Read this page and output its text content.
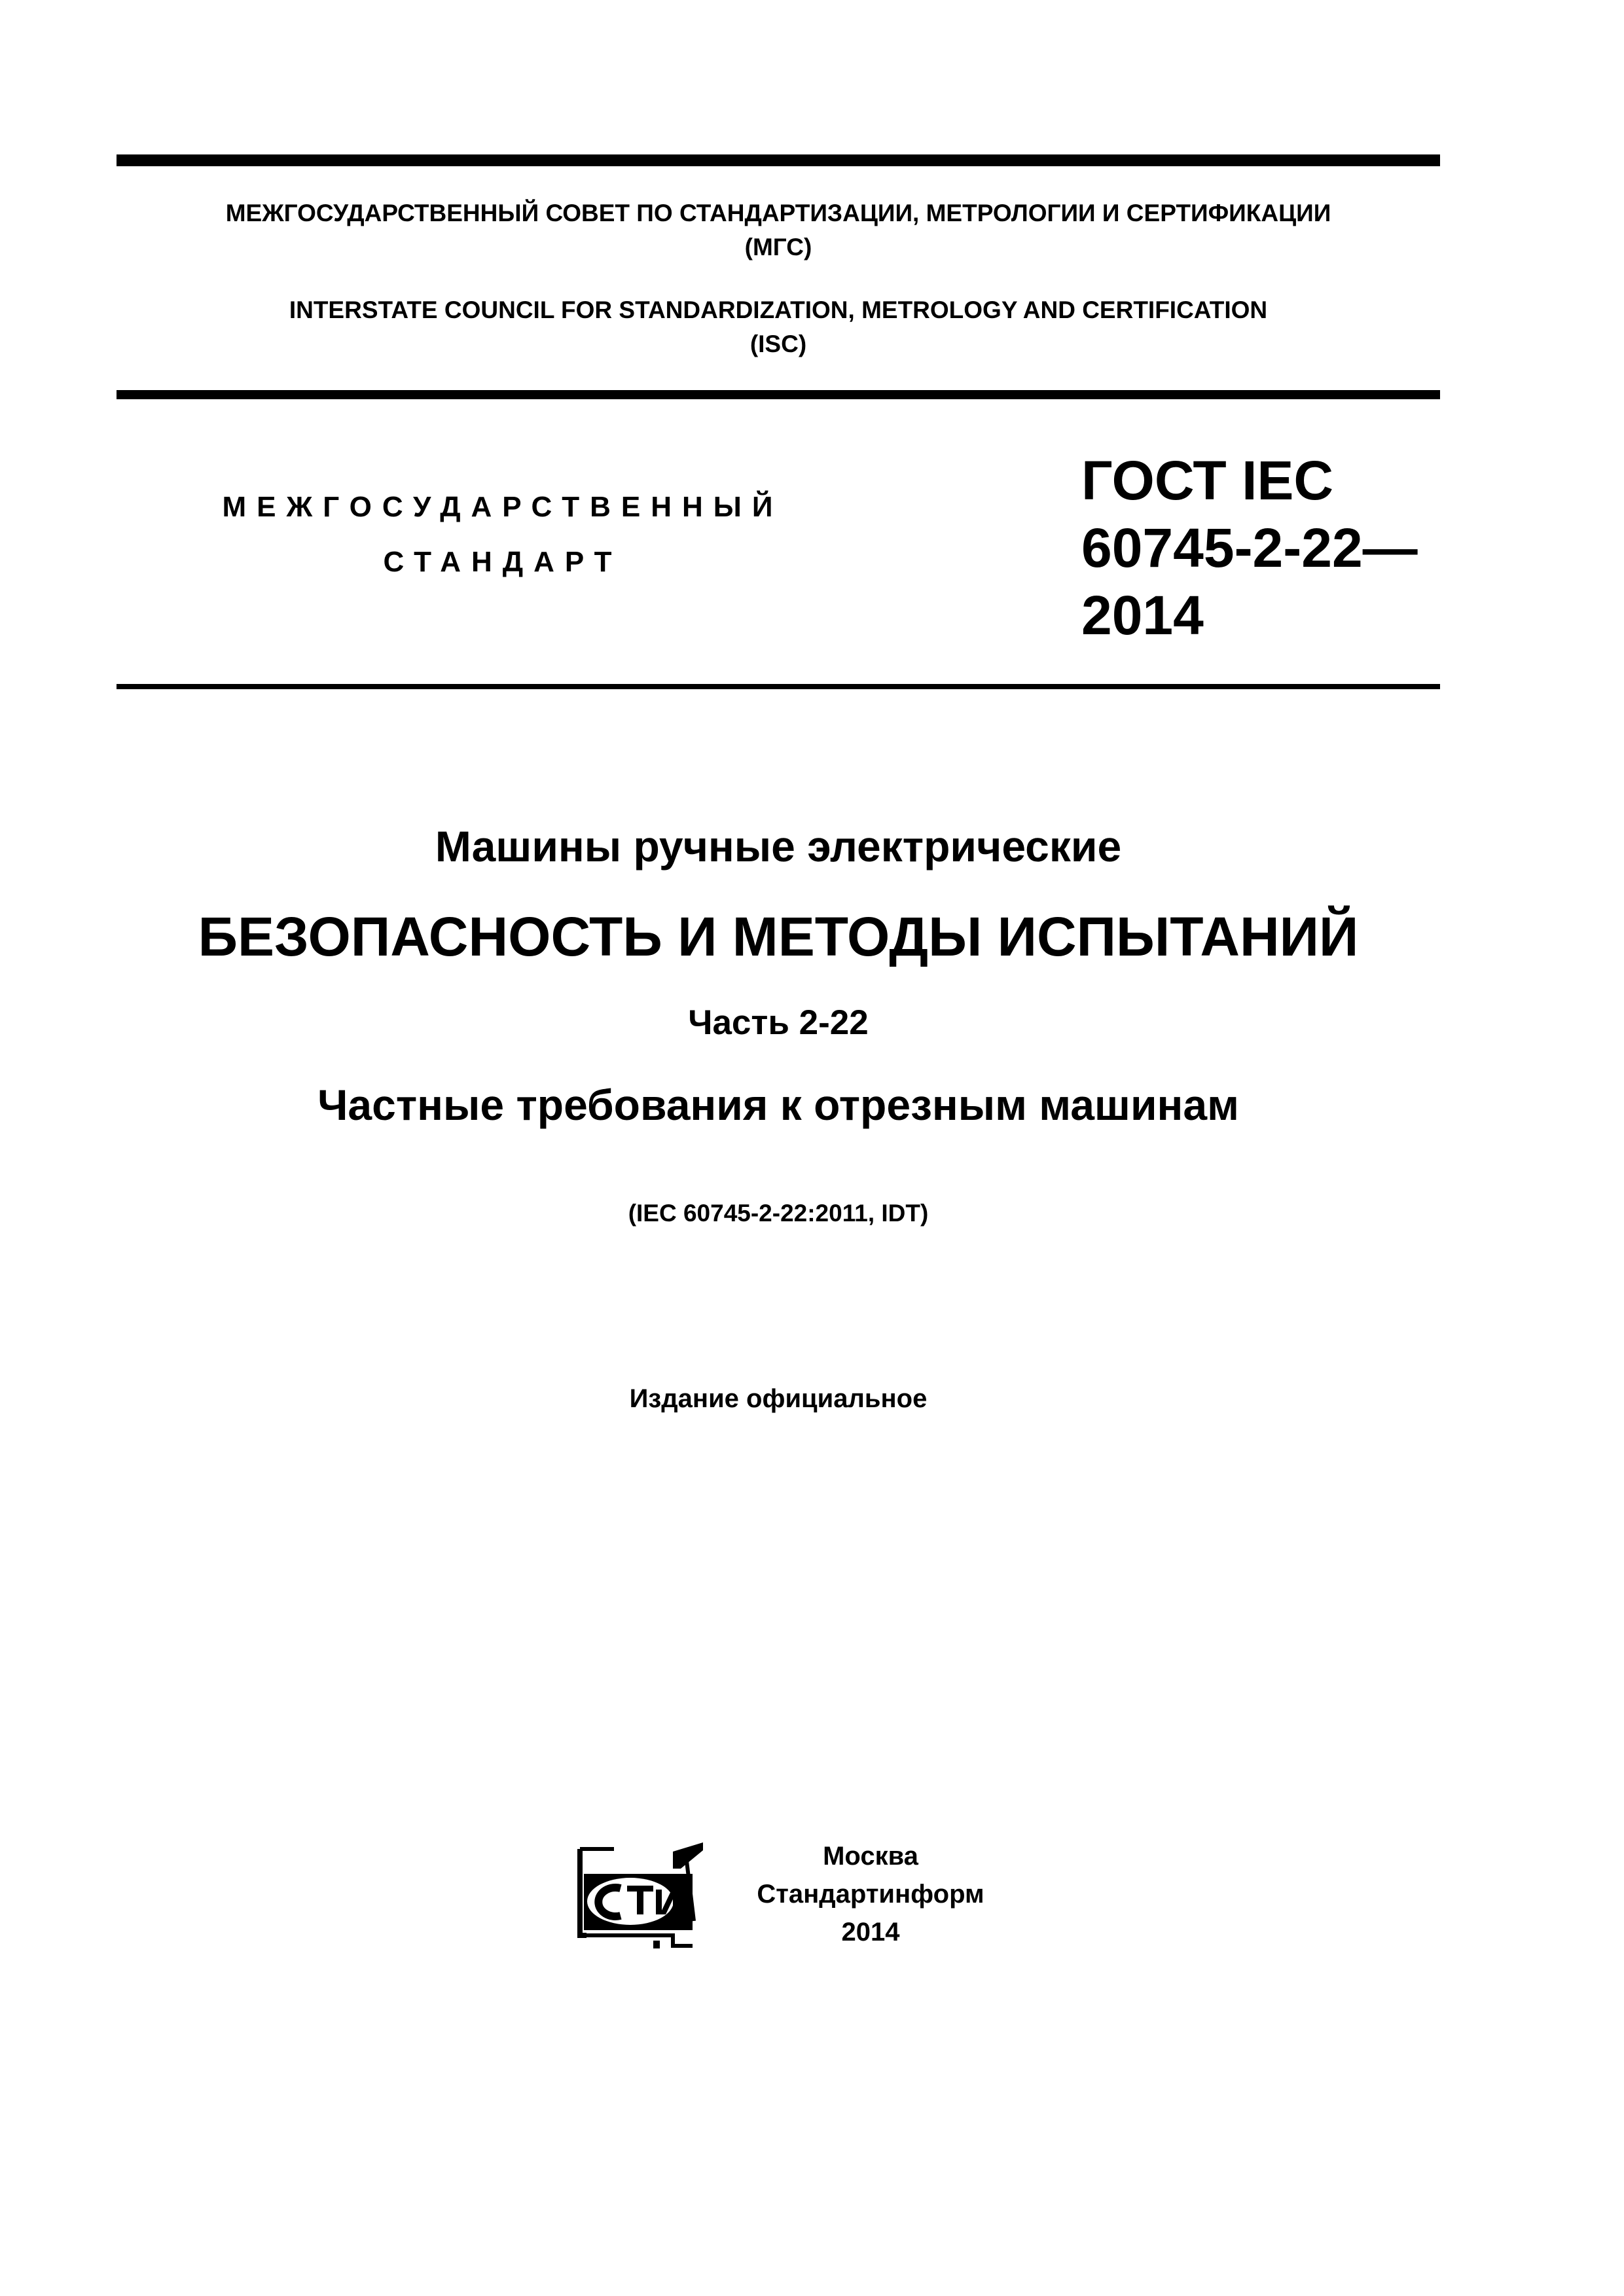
МЕЖГОСУДАРСТВЕННЫЙ СОВЕТ ПО СТАНДАРТИЗАЦИИ, МЕТРОЛОГИИ И СЕРТИФИКАЦИИ
(МГС)
INTERSTATE COUNCIL FOR STANDARDIZATION, METROLOGY AND CERTIFICATION
(ISC)
МЕЖГОСУДАРСТВЕННЫЙ
СТАНДАРТ
ГОСТ IEC
60745-2-22—
2014
Машины ручные электрические
БЕЗОПАСНОСТЬ И МЕТОДЫ ИСПЫТАНИЙ
Часть 2-22
Частные требования к отрезным машинам
(IEC 60745-2-22:2011, IDT)
Издание официальное
Москва
Стандартинформ
2014
